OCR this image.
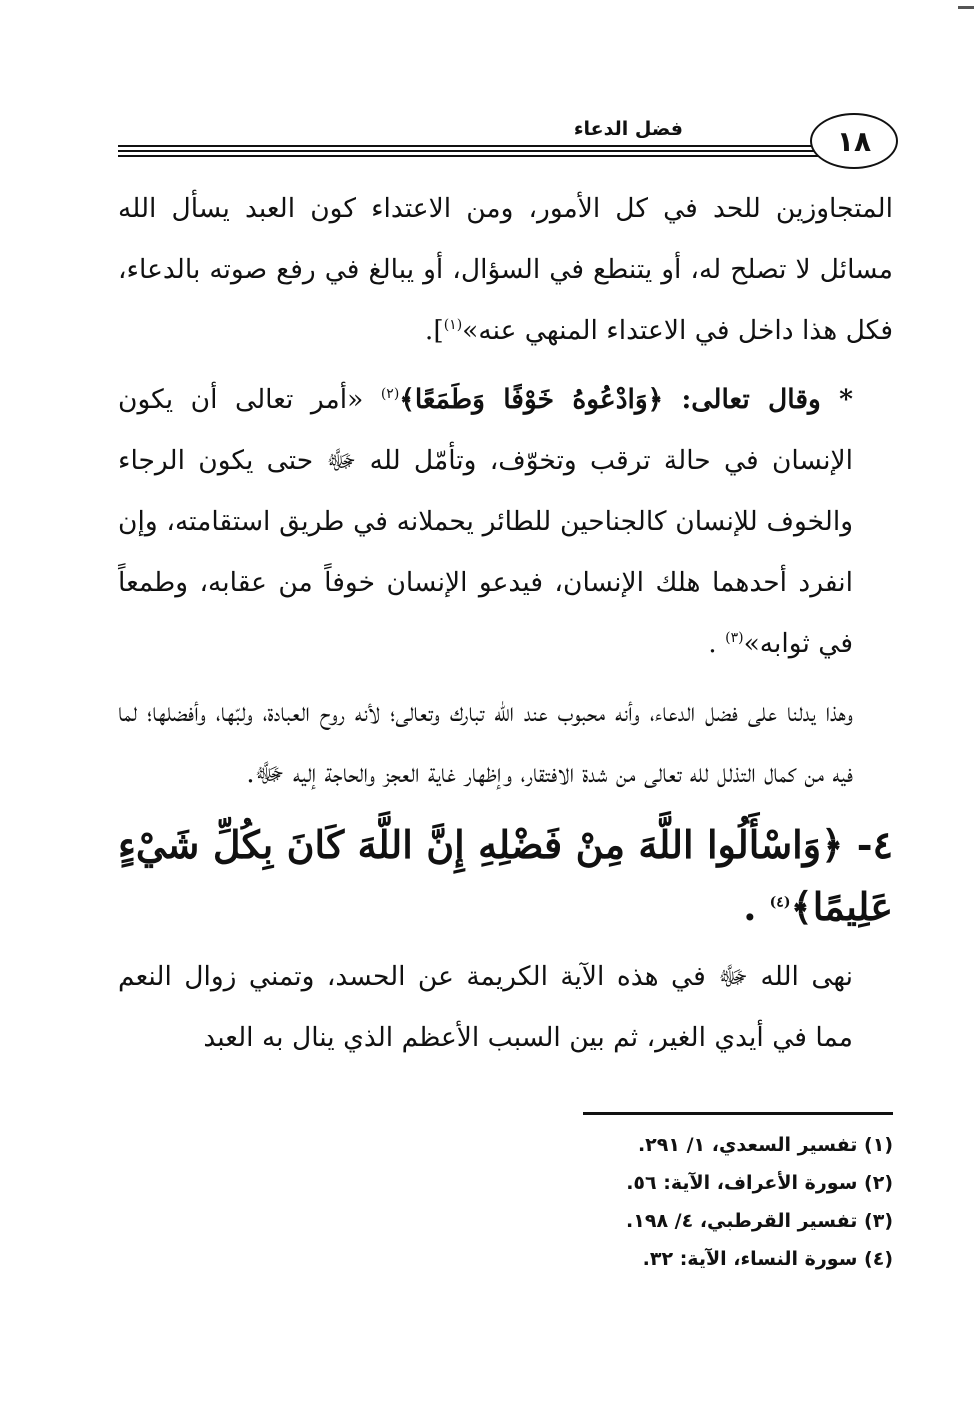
فضل الدعاء	١٨

المتجاوزين للحد في كل الأمور، ومن الاعتداء كون العبد يسأل الله مسائل لا تصلح له، أو يتنطع في السؤال، أو يبالغ في رفع صوته بالدعاء، فكل هذا داخل في الاعتداء المنهي عنه»$^{(١)}$].

* وقال تعالى: ﴿وَادْعُوهُ خَوْفًا وَطَمَعًا﴾$^{(٢)}$ «أمر تعالى أن يكون الإنسان في حالة ترقب وتخوّف، وتأمّل لله ﷻ حتى يكون الرجاء والخوف للإنسان كالجناحين للطائر يحملانه في طريق استقامته، وإن انفرد أحدهما هلك الإنسان، فيدعو الإنسان خوفاً من عقابه، وطمعاً في ثوابه»$^{(٣)}$ .

وهذا يدلنا على فضل الدعاء، وأنه محبوب عند الله تبارك وتعالى؛ لأنه روح العبادة، ولبّها، وأفضلها؛ لما فيه من كمال التذلل لله تعالى من شدة الافتقار، وإظهار غاية العجز والحاجة إليه ﷻ.

٤- ﴿وَاسْأَلُوا اللَّهَ مِنْ فَضْلِهِ إِنَّ اللَّهَ كَانَ بِكُلِّ شَيْءٍ عَلِيمًا﴾$^{(٤)}$ .

نهى الله ﷻ في هذه الآية الكريمة عن الحسد، وتمني زوال النعم مما في أيدي الغير، ثم بين السبب الأعظم الذي ينال به العبد

(١) تفسير السعدي، ١/ ٢٩١.
(٢) سورة الأعراف، الآية: ٥٦.
(٣) تفسير القرطبي، ٤/ ١٩٨.
(٤) سورة النساء، الآية: ٣٢.
